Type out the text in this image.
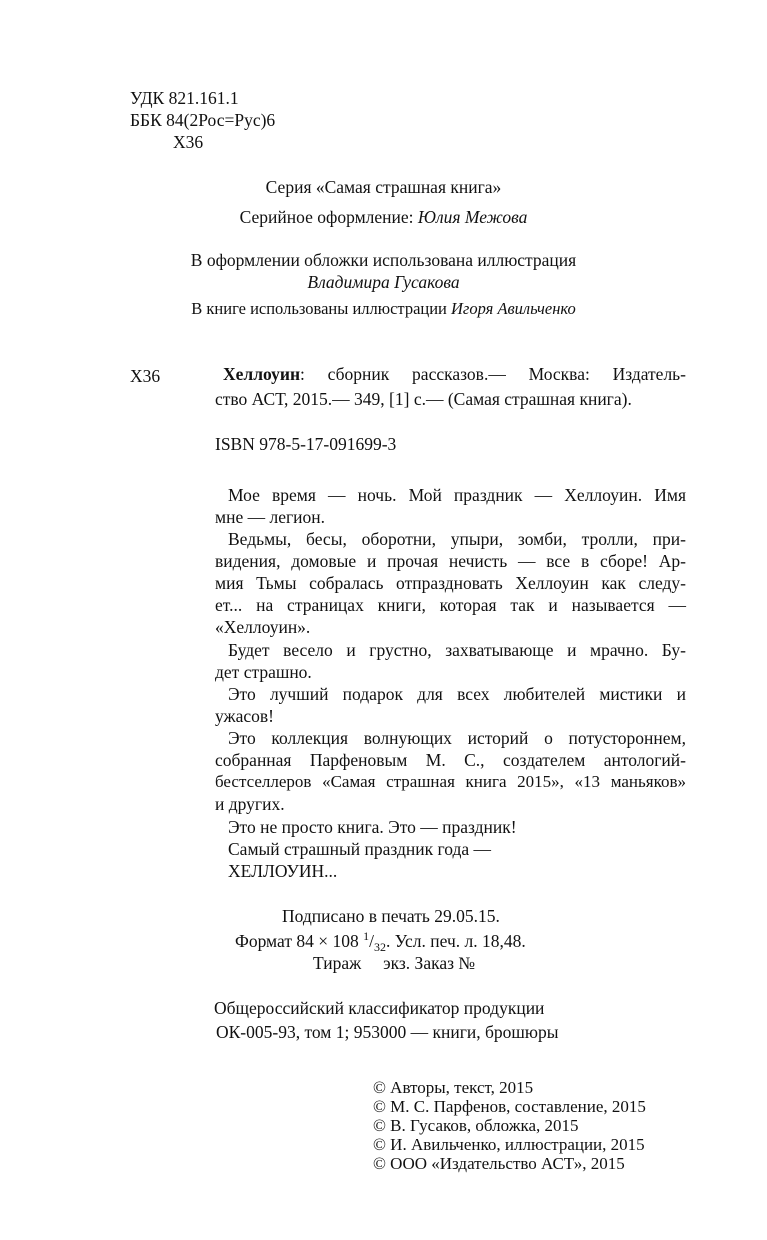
УДК 821.161.1
ББК 84(2Рос=Рус)6
Х36
Серия «Самая страшная книга»
Серийное оформление: Юлия Межова
В оформлении обложки использована иллюстрация
Владимира Гусакова
В книге использованы иллюстрации Игоря Авильченко
Х36	Хеллоуин: сборник рассказов.— Москва: Издатель-
ство АСТ, 2015.— 349, [1] с.— (Самая страшная книга).
ISBN 978-5-17-091699-3
Мое время — ночь. Мой праздник — Хеллоуин. Имя
мне — легион.
Ведьмы, бесы, оборотни, упыри, зомби, тролли, при-
видения, домовые и прочая нечисть — все в сборе! Ар-
мия Тьмы собралась отпраздновать Хеллоуин как следу-
ет... на страницах книги, которая так и называется —
«Хеллоуин».
Будет весело и грустно, захватывающе и мрачно. Бу-
дет страшно.
Это лучший подарок для всех любителей мистики и
ужасов!
Это коллекция волнующих историй о потустороннем,
собранная Парфеновым М. С., создателем антологий-
бестселлеров «Самая страшная книга 2015», «13 маньяков»
и других.
Это не просто книга. Это — праздник!
Самый страшный праздник года —
ХЕЛЛОУИН...
Подписано в печать 29.05.15.
Формат 84 × 108 $^1/_{32}$. Усл. печ. л. 18,48.
Тираж     экз. Заказ №
Общероссийский классификатор продукции
ОК-005-93, том 1; 953000 — книги, брошюры
© Авторы, текст, 2015
© М. С. Парфенов, составление, 2015
© В. Гусаков, обложка, 2015
© И. Авильченко, иллюстрации, 2015
© ООО «Издательство АСТ», 2015
